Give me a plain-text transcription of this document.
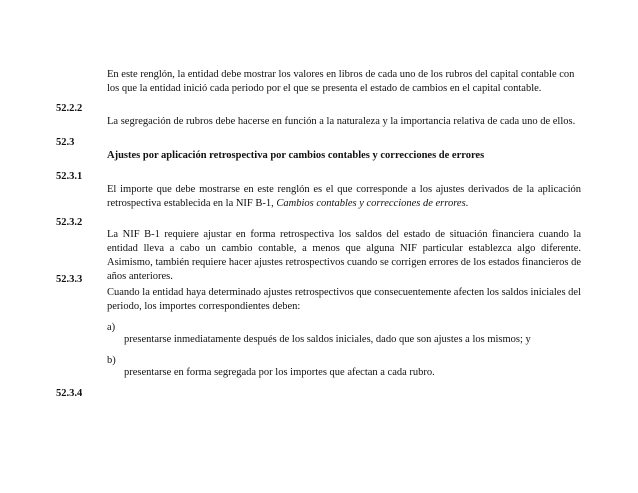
En este renglón, la entidad debe mostrar los valores en libros de cada uno de los rubros del capital contable con los que la entidad inició cada periodo por el que se presenta el estado de cambios en el capital contable.
52.2.2
La segregación de rubros debe hacerse en función a la naturaleza y la importancia relativa de cada uno de ellos.
52.3
Ajustes por aplicación retrospectiva por cambios contables y correcciones de errores
52.3.1
El importe que debe mostrarse en este renglón es el que corresponde a los ajustes derivados de la aplicación retrospectiva establecida en la NIF B-1, Cambios contables y correcciones de errores.
52.3.2
La NIF B-1 requiere ajustar en forma retrospectiva los saldos del estado de situación financiera cuando la entidad lleva a cabo un cambio contable, a menos que alguna NIF particular establezca algo diferente. Asimismo, también requiere hacer ajustes retrospectivos cuando se corrigen errores de los estados financieros de años anteriores.
52.3.3
Cuando la entidad haya determinado ajustes retrospectivos que consecuentemente afecten los saldos iniciales del periodo, los importes correspondientes deben:
a)
presentarse inmediatamente después de los saldos iniciales, dado que son ajustes a los mismos; y
b)
presentarse en forma segregada por los importes que afectan a cada rubro.
52.3.4
